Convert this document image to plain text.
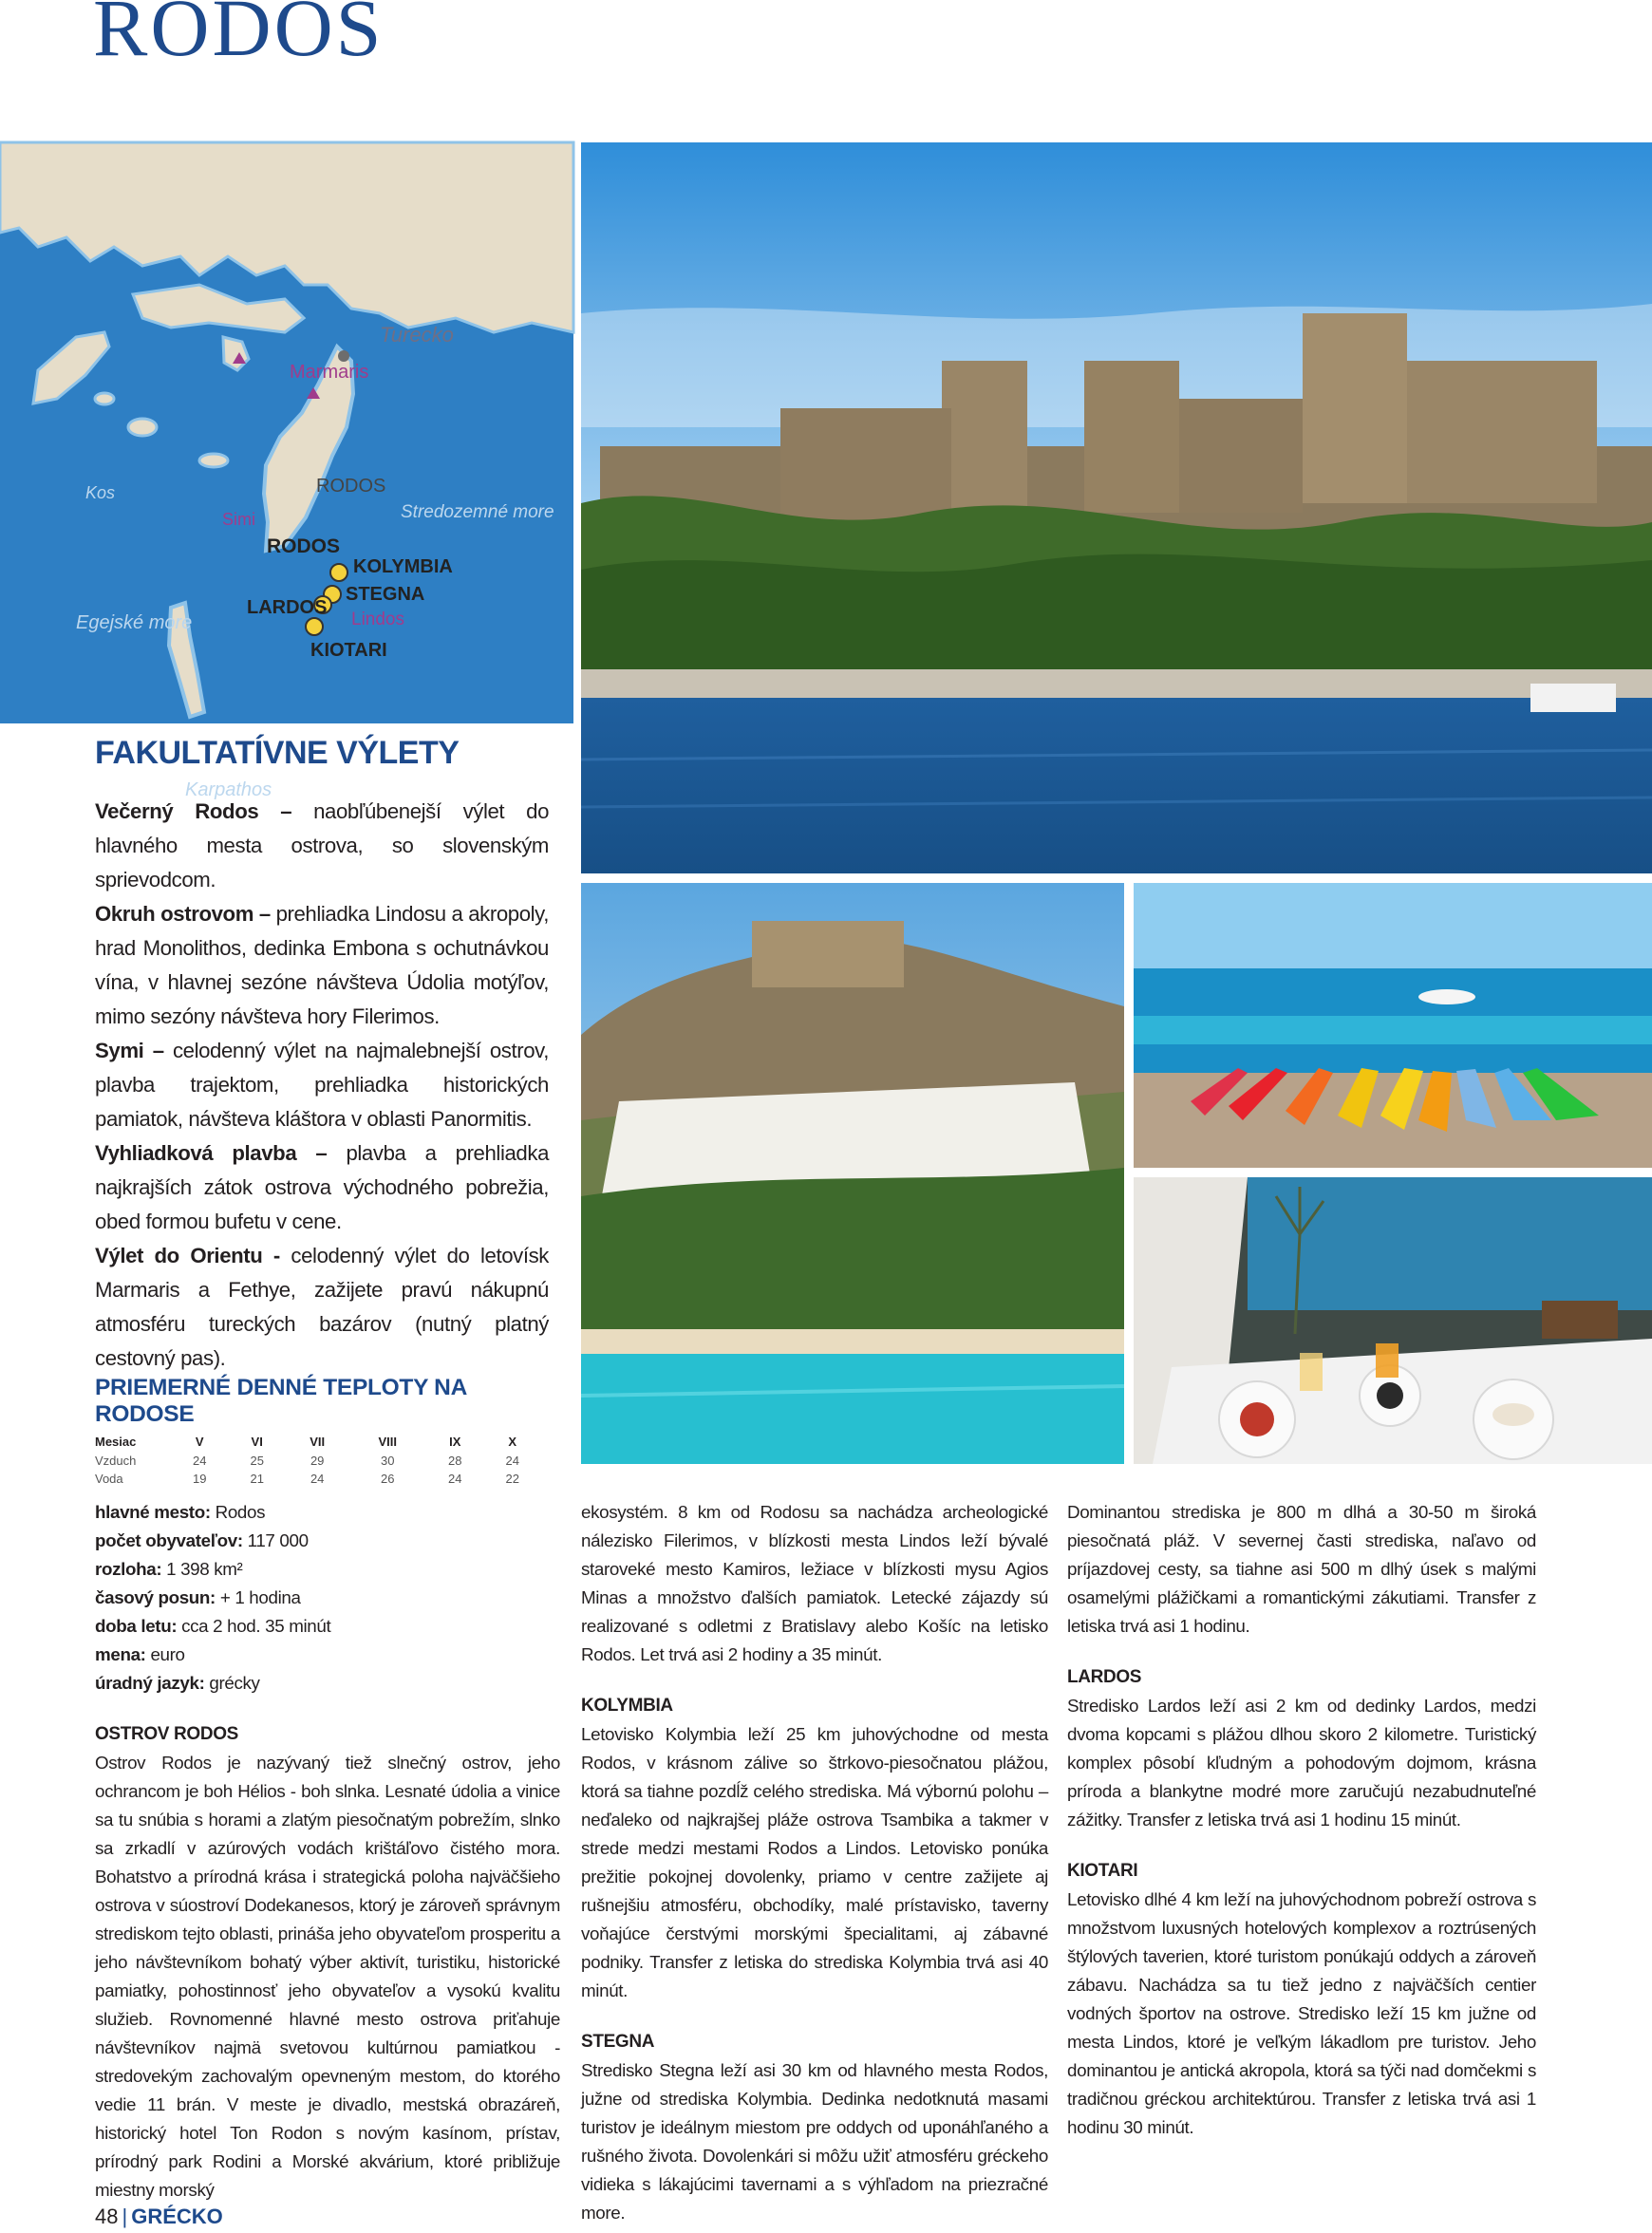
RODOS
Turecko
Marmaris
Kos
Simi
RODOS
Stredozemné more
RODOS
KOLYMBIA
STEGNA
Lindos
LARDOS
KIOTARI
Egejské more
Karpathos
FAKULTATÍVNE VÝLETY

Večerný Rodos – naobľúbenejší výlet do hlavného mesta ostrova, so slovenským sprievodcom.

Okruh ostrovom – prehliadka Lindosu a akropoly, hrad Monolithos, dedinka Embona s ochutnávkou vína, v hlavnej sezóne návšteva Údolia motýľov, mimo sezóny návšteva hory Filerimos.

Symi – celodenný výlet na najmalebnejší ostrov, plavba trajektom, prehliadka historických pamiatok, návšteva kláštora v oblasti Panormitis.

Vyhliadková plavba – plavba a prehliadka najkrajších zátok ostrova východného pobrežia, obed formou bufetu v cene.

Výlet do Orientu - celodenný výlet do letovísk Marmaris a Fethye, zažijete pravú nákupnú atmosféru tureckých bazárov (nutný platný cestovný pas).

PRIEMERNÉ DENNÉ TEPLOTY NA RODOSE
Mesiac	V	VI	VII	VIII	IX	X
Vzduch	24	25	29	30	28	24
Voda	19	21	24	26	24	22
hlavné mesto: Rodos
počet obyvateľov: 117 000
rozloha: 1 398 km²
časový posun: + 1 hodina
doba letu: cca 2 hod. 35 minút
mena: euro
úradný jazyk: grécky
OSTROV RODOS

Ostrov Rodos je nazývaný tiež slnečný ostrov, jeho ochrancom je boh Hélios - boh slnka. Lesnaté údolia a vinice sa tu snúbia s horami a zlatým piesočnatým pobrežím, slnko sa zrkadlí v azúrových vodách krištáľovo čistého mora. Bohatstvo a prírodná krása i strategická poloha najväčšieho ostrova v súostroví Dodekanesos, ktorý je zároveň správnym strediskom tejto oblasti, prináša jeho obyvateľom prosperitu a jeho návštevníkom bohatý výber aktivít, turistiku, historické pamiatky, pohostinnosť jeho obyvateľov a vysokú kvalitu služieb. Rovnomenné hlavné mesto ostrova priťahuje návštevníkov najmä svetovou kultúrnou pamiatkou - stredovekým zachovalým opevneným mestom, do ktorého vedie 11 brán. V meste je divadlo, mestská obrazáreň, historický hotel Ton Rodon s novým kasínom, prístav, prírodný park Rodini a Morské akvárium, ktoré približuje miestny morský

ekosystém. 8 km od Rodosu sa nachádza archeologické nálezisko Filerimos, v blízkosti mesta Lindos leží bývalé staroveké mesto Kamiros, ležiace v blízkosti mysu Agios Minas a množstvo ďalších pamiatok. Letecké zájazdy sú realizované s odletmi z Bratislavy alebo Košíc na letisko Rodos. Let trvá asi 2 hodiny a 35 minút.

KOLYMBIA

Letovisko Kolymbia leží 25 km juhovýchodne od mesta Rodos, v krásnom zálive so štrkovo-piesočnatou plážou, ktorá sa tiahne pozdĺž celého strediska. Má výbornú polohu – neďaleko od najkrajšej pláže ostrova Tsambika a takmer v strede medzi mestami Rodos a Lindos. Letovisko ponúka prežitie pokojnej dovolenky, priamo v centre zažijete aj rušnejšiu atmosféru, obchodíky, malé prístavisko, taverny voňajúce čerstvými morskými špecialitami, aj zábavné podniky. Transfer z letiska do strediska Kolymbia trvá asi 40 minút.

STEGNA

Stredisko Stegna leží asi 30 km od hlavného mesta Rodos, južne od strediska Kolymbia. Dedinka nedotknutá masami turistov je ideálnym miestom pre oddych od uponáhľaného a rušného života. Dovolenkári si môžu užiť atmosféru gréckeho vidieka s lákajúcimi tavernami a s výhľadom na priezračné more.

Dominantou strediska je 800 m dlhá a 30-50 m široká piesočnatá pláž. V severnej časti strediska, naľavo od príjazdovej cesty, sa tiahne asi 500 m dlhý úsek s malými osamelými plážičkami a romantickými zákutiami. Transfer z letiska trvá asi 1 hodinu.

LARDOS

Stredisko Lardos leží asi 2 km od dedinky Lardos, medzi dvoma kopcami s plážou dlhou skoro 2 kilometre. Turistický komplex pôsobí kľudným a pohodovým dojmom, krásna príroda a blankytne modré more zaručujú nezabudnuteľné zážitky. Transfer z letiska trvá asi 1 hodinu 15 minút.

KIOTARI

Letovisko dlhé 4 km leží na juhovýchodnom pobreží ostrova s množstvom luxusných hotelových komplexov a roztrúsených štýlových taverien, ktoré turistom ponúkajú oddych a zároveň zábavu. Nachádza sa tu tiež jedno z najväčších centier vodných športov na ostrove. Stredisko leží 15 km južne od mesta Lindos, ktoré je veľkým lákadlom pre turistov. Jeho dominantou je antická akropola, ktorá sa týči nad domčekmi s tradičnou gréckou architektúrou. Transfer z letiska trvá asi 1 hodinu 30 minút.

48 | GRÉCKO
